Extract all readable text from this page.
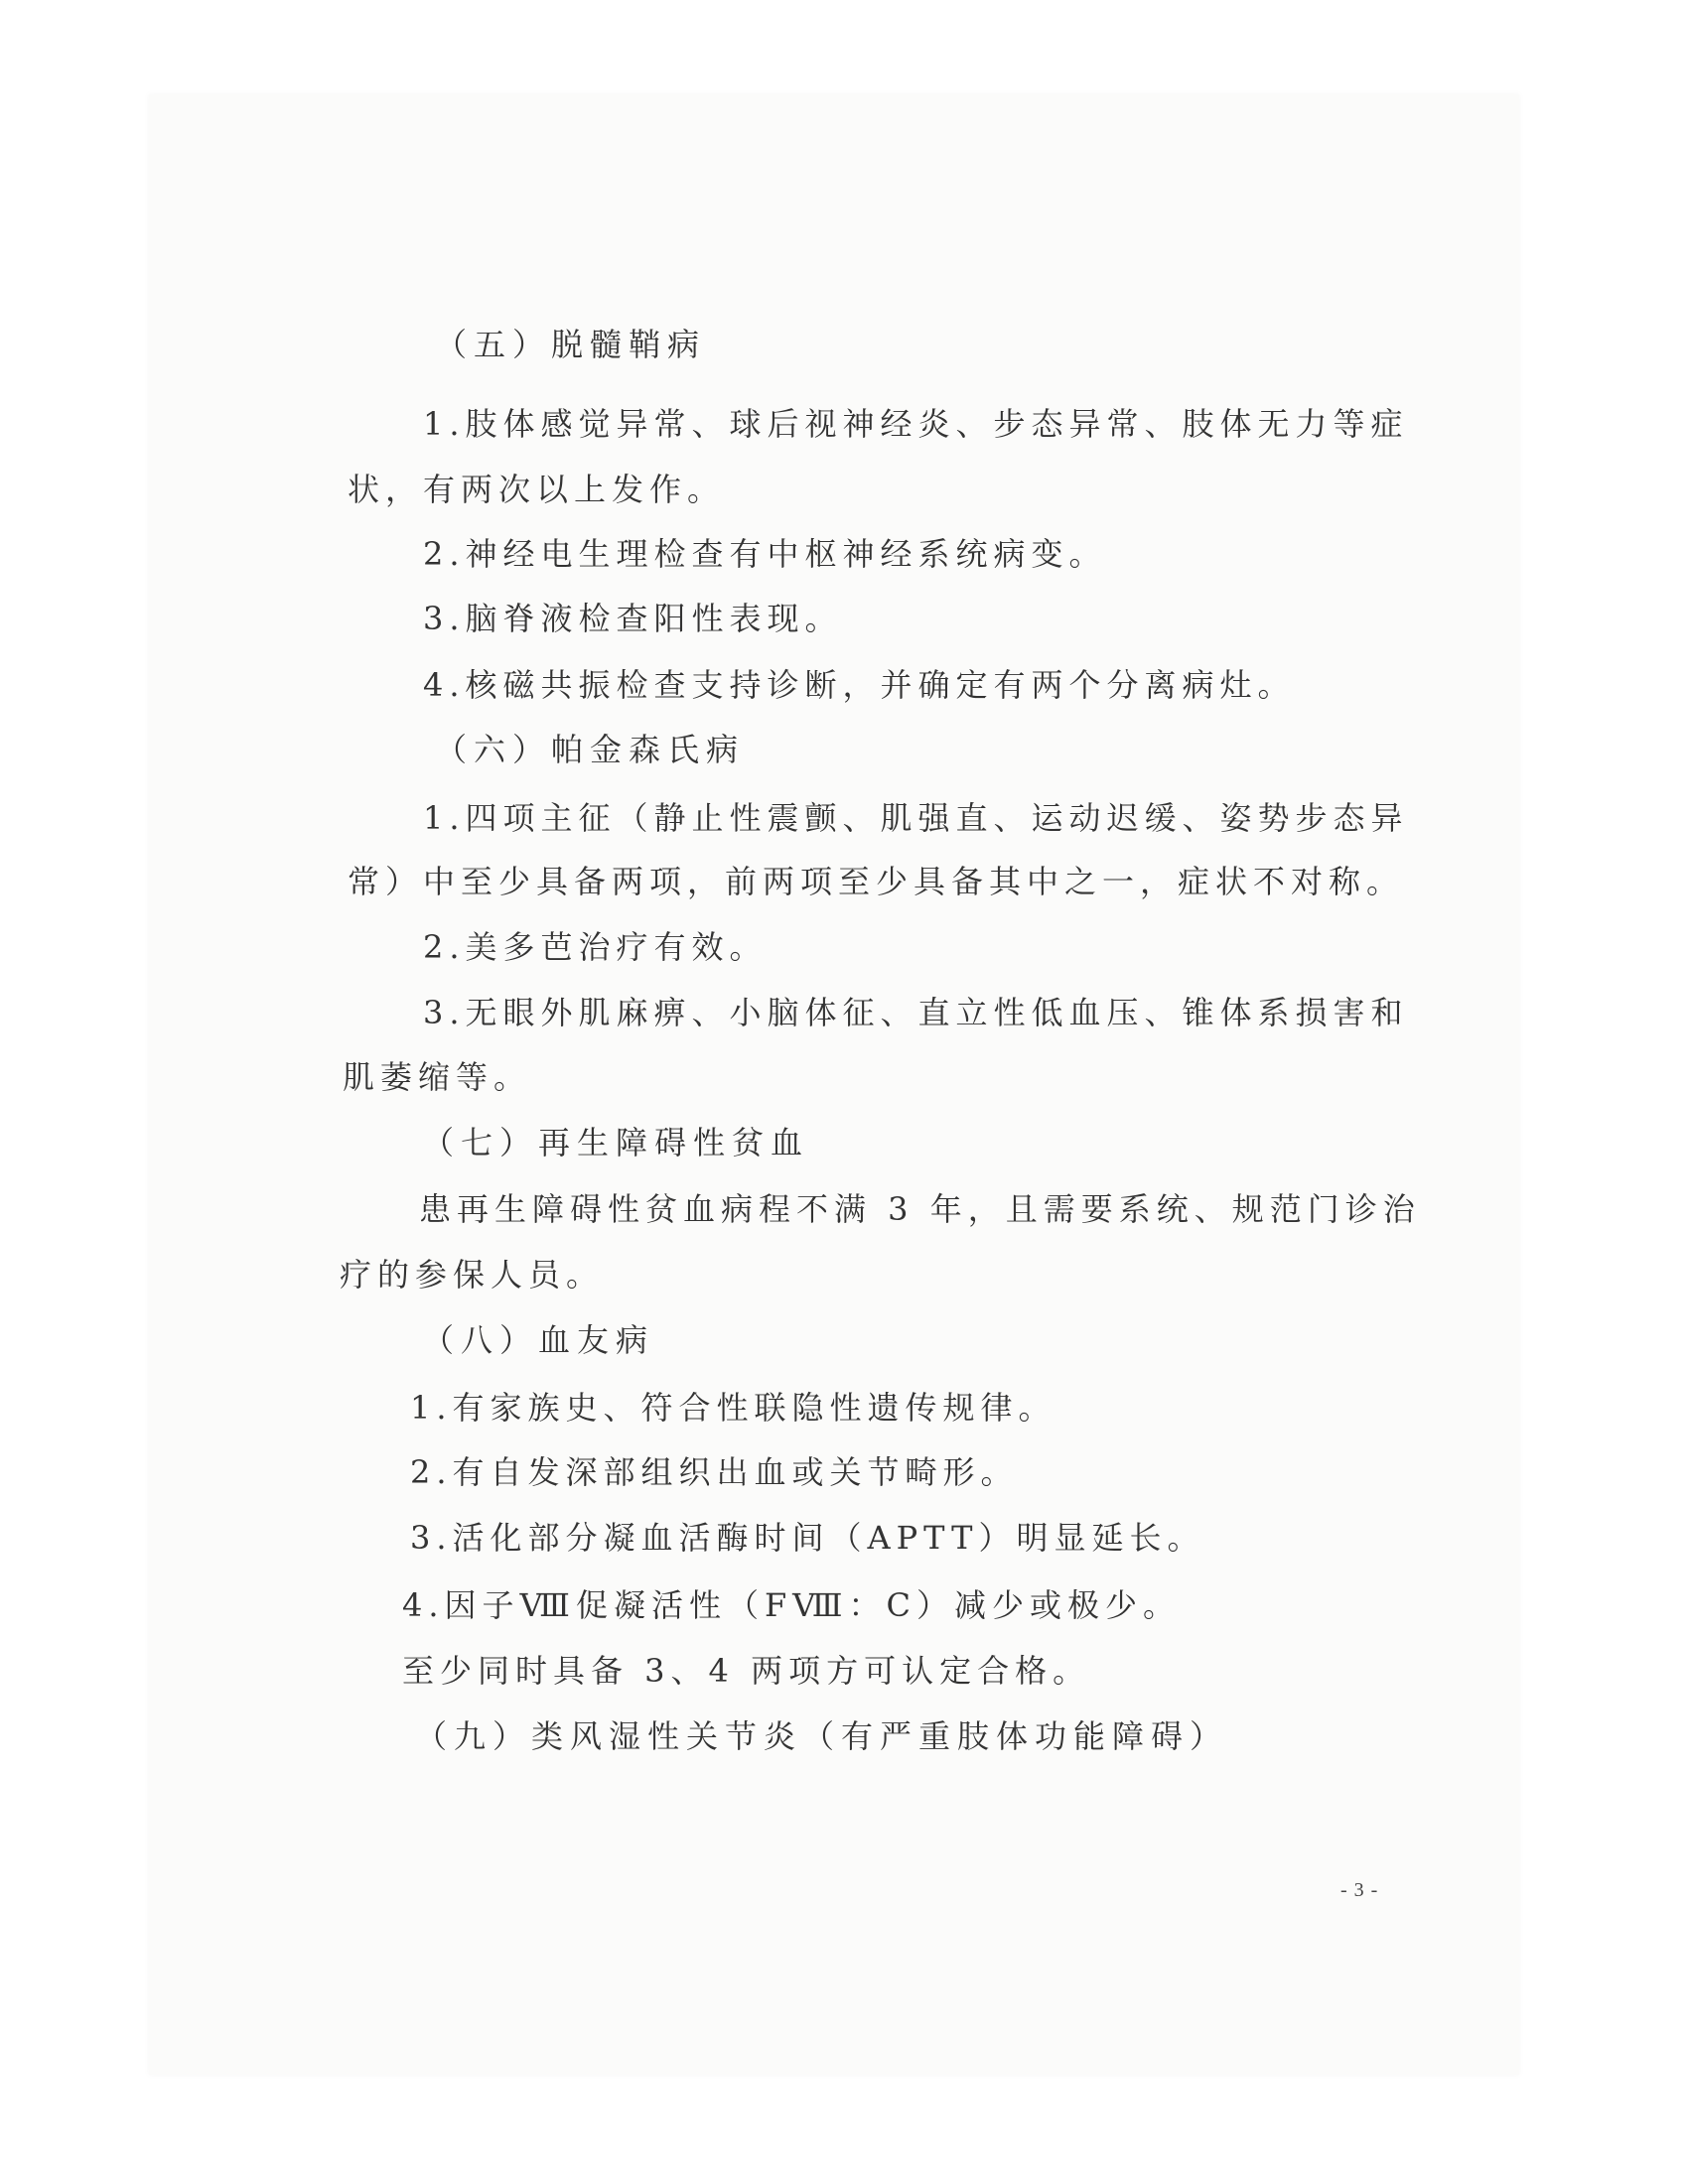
（五）脱髓鞘病

1.肢体感觉异常、球后视神经炎、步态异常、肢体无力等症

状，有两次以上发作。

2.神经电生理检查有中枢神经系统病变。

3.脑脊液检查阳性表现。

4.核磁共振检查支持诊断，并确定有两个分离病灶。

（六）帕金森氏病

1.四项主征（静止性震颤、肌强直、运动迟缓、姿势步态异

常）中至少具备两项，前两项至少具备其中之一，症状不对称。

2.美多芭治疗有效。

3.无眼外肌麻痹、小脑体征、直立性低血压、锥体系损害和

肌萎缩等。

（七）再生障碍性贫血

患再生障碍性贫血病程不满 3 年，且需要系统、规范门诊治

疗的参保人员。

（八）血友病

1.有家族史、符合性联隐性遗传规律。

2.有自发深部组织出血或关节畸形。

3.活化部分凝血活酶时间（APTT）明显延长。

4.因子Ⅷ促凝活性（FⅧ：C）减少或极少。

至少同时具备 3、4 两项方可认定合格。

（九）类风湿性关节炎（有严重肢体功能障碍）

- 3 -
